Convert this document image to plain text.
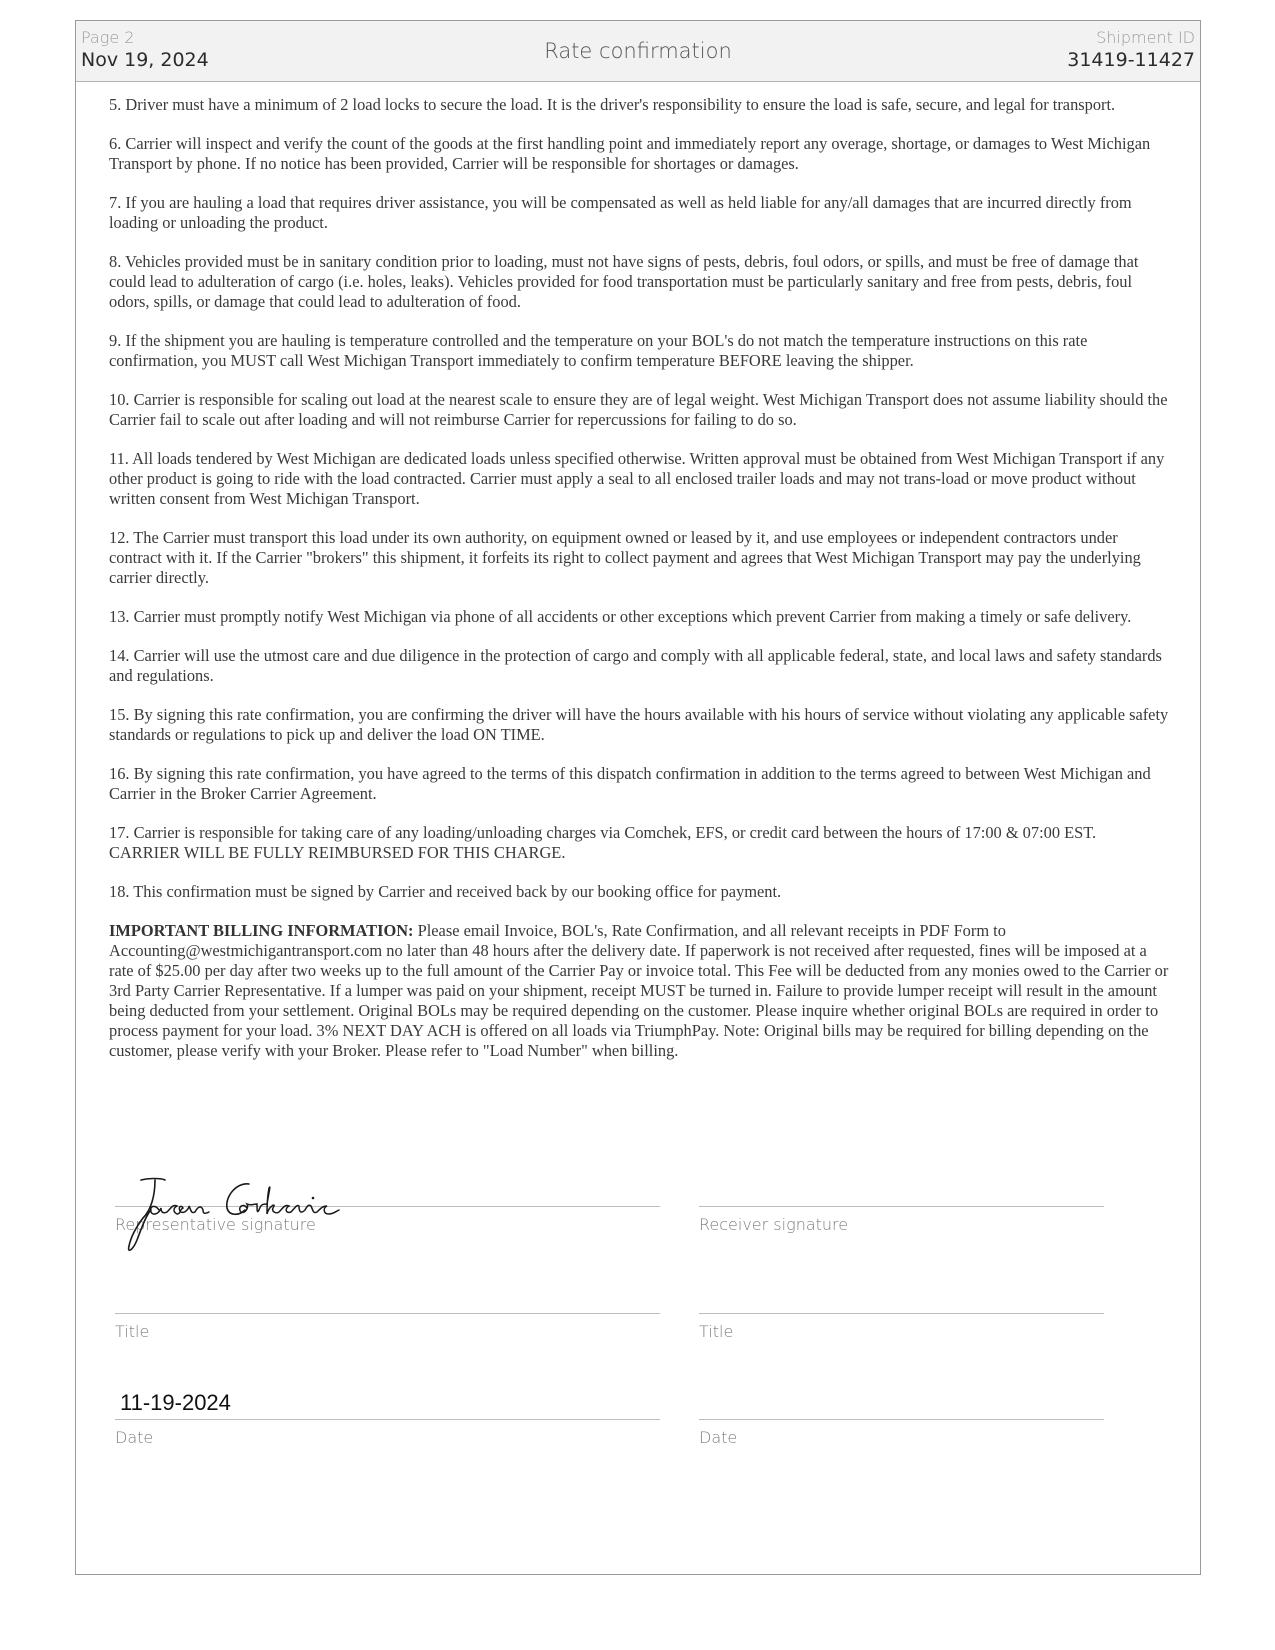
Page 2
Nov 19, 2024	Rate confirmation
Shipment ID
31419-11427

5. Driver must have a minimum of 2 load locks to secure the load. It is the driver's responsibility to ensure the load is safe, secure, and legal for transport.

6. Carrier will inspect and verify the count of the goods at the first handling point and immediately report any overage, shortage, or damages to West Michigan Transport by phone. If no notice has been provided, Carrier will be responsible for shortages or damages.

7. If you are hauling a load that requires driver assistance, you will be compensated as well as held liable for any/all damages that are incurred directly from loading or unloading the product.

8. Vehicles provided must be in sanitary condition prior to loading, must not have signs of pests, debris, foul odors, or spills, and must be free of damage that could lead to adulteration of cargo (i.e. holes, leaks). Vehicles provided for food transportation must be particularly sanitary and free from pests, debris, foul odors, spills, or damage that could lead to adulteration of food.

9. If the shipment you are hauling is temperature controlled and the temperature on your BOL's do not match the temperature instructions on this rate confirmation, you MUST call West Michigan Transport immediately to confirm temperature BEFORE leaving the shipper.

10. Carrier is responsible for scaling out load at the nearest scale to ensure they are of legal weight. West Michigan Transport does not assume liability should the Carrier fail to scale out after loading and will not reimburse Carrier for repercussions for failing to do so.

11. All loads tendered by West Michigan are dedicated loads unless specified otherwise. Written approval must be obtained from West Michigan Transport if any other product is going to ride with the load contracted. Carrier must apply a seal to all enclosed trailer loads and may not trans-load or move product without written consent from West Michigan Transport.

12. The Carrier must transport this load under its own authority, on equipment owned or leased by it, and use employees or independent contractors under contract with it. If the Carrier "brokers" this shipment, it forfeits its right to collect payment and agrees that West Michigan Transport may pay the underlying carrier directly.

13. Carrier must promptly notify West Michigan via phone of all accidents or other exceptions which prevent Carrier from making a timely or safe delivery.

14. Carrier will use the utmost care and due diligence in the protection of cargo and comply with all applicable federal, state, and local laws and safety standards and regulations.

15. By signing this rate confirmation, you are confirming the driver will have the hours available with his hours of service without violating any applicable safety standards or regulations to pick up and deliver the load ON TIME.

16. By signing this rate confirmation, you have agreed to the terms of this dispatch confirmation in addition to the terms agreed to between West Michigan and Carrier in the Broker Carrier Agreement.

17. Carrier is responsible for taking care of any loading/unloading charges via Comchek, EFS, or credit card between the hours of 17:00 & 07:00 EST. CARRIER WILL BE FULLY REIMBURSED FOR THIS CHARGE.

18. This confirmation must be signed by Carrier and received back by our booking office for payment.

IMPORTANT BILLING INFORMATION: Please email Invoice, BOL's, Rate Confirmation, and all relevant receipts in PDF Form to Accounting@westmichigantransport.com no later than 48 hours after the delivery date. If paperwork is not received after requested, fines will be imposed at a rate of $25.00 per day after two weeks up to the full amount of the Carrier Pay or invoice total. This Fee will be deducted from any monies owed to the Carrier or 3rd Party Carrier Representative. If a lumper was paid on your shipment, receipt MUST be turned in. Failure to provide lumper receipt will result in the amount being deducted from your settlement. Original BOLs may be required depending on the customer. Please inquire whether original BOLs are required in order to process payment for your load. 3% NEXT DAY ACH is offered on all loads via TriumphPay. Note: Original bills may be required for billing depending on the customer, please verify with your Broker. Please refer to "Load Number" when billing.

Representative signature	Receiver signature
Title	Title
11-19-2024
Date	Date
